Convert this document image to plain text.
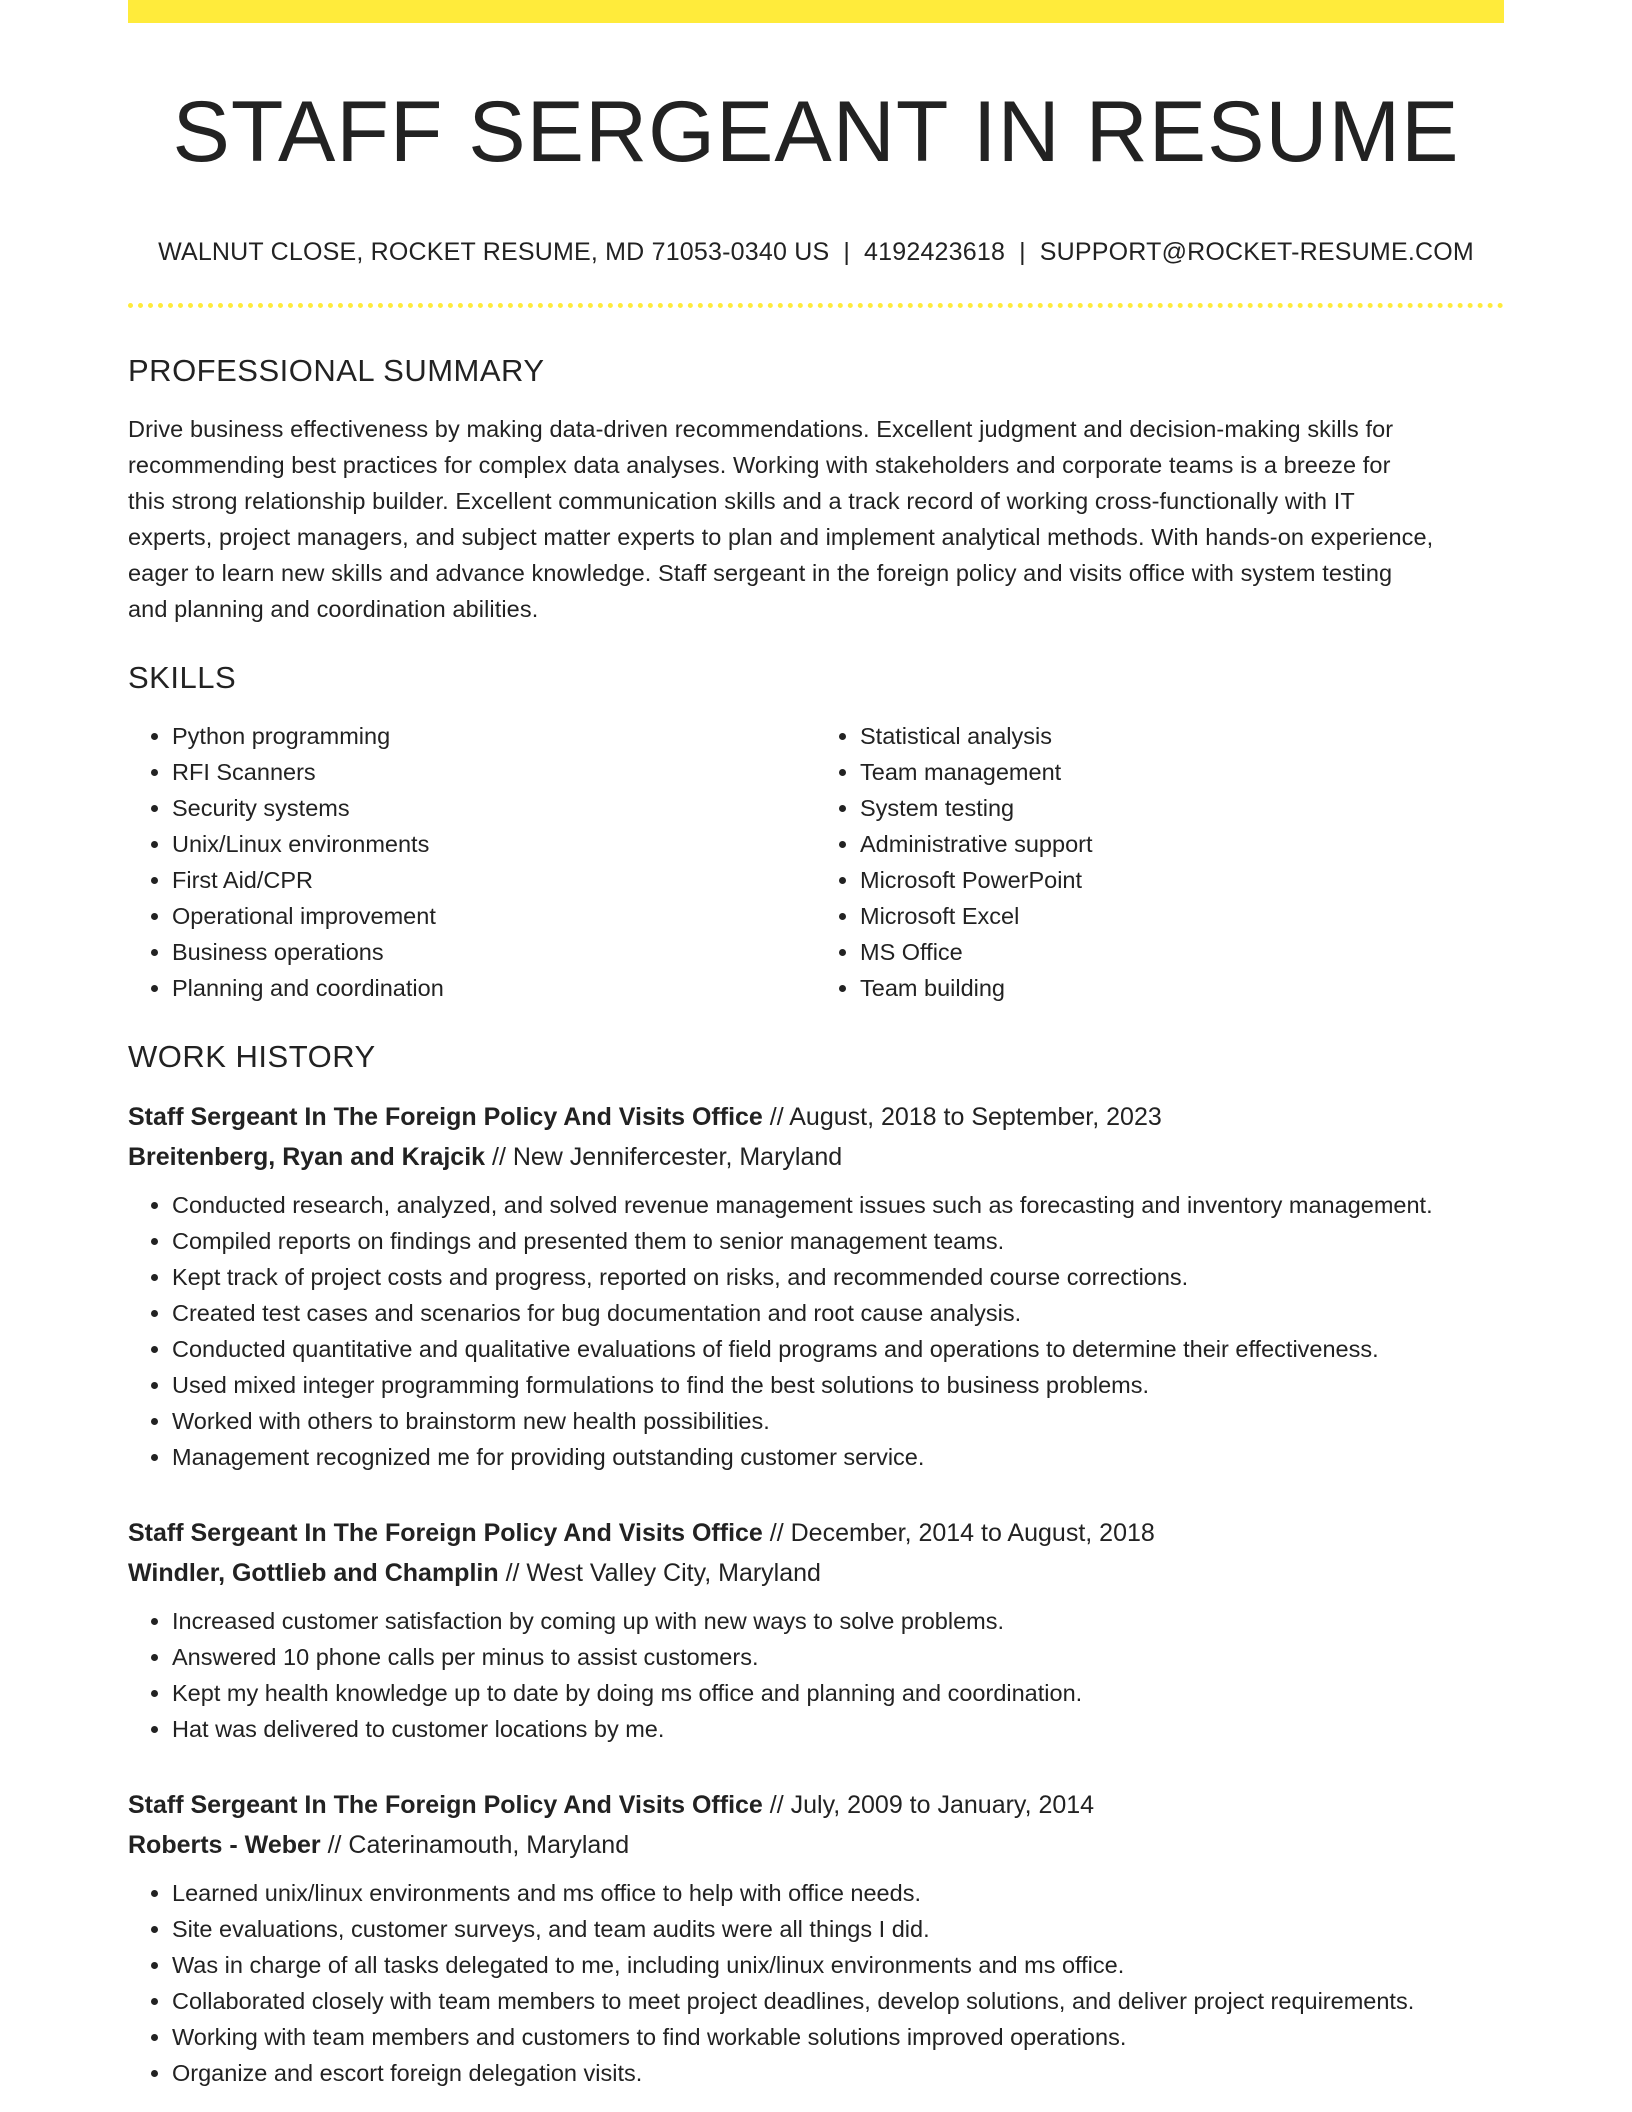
STAFF SERGEANT IN RESUME
WALNUT CLOSE, ROCKET RESUME, MD 71053-0340 US | 4192423618 | SUPPORT@ROCKET-RESUME.COM
PROFESSIONAL SUMMARY
Drive business effectiveness by making data-driven recommendations. Excellent judgment and decision-making skills for
recommending best practices for complex data analyses. Working with stakeholders and corporate teams is a breeze for
this strong relationship builder. Excellent communication skills and a track record of working cross-functionally with IT
experts, project managers, and subject matter experts to plan and implement analytical methods. With hands-on experience,
eager to learn new skills and advance knowledge. Staff sergeant in the foreign policy and visits office with system testing
and planning and coordination abilities.
SKILLS
• Python programming
• RFI Scanners
• Security systems
• Unix/Linux environments
• First Aid/CPR
• Operational improvement
• Business operations
• Planning and coordination
• Statistical analysis
• Team management
• System testing
• Administrative support
• Microsoft PowerPoint
• Microsoft Excel
• MS Office
• Team building
WORK HISTORY
Staff Sergeant In The Foreign Policy And Visits Office // August, 2018 to September, 2023
Breitenberg, Ryan and Krajcik // New Jennifercester, Maryland
• Conducted research, analyzed, and solved revenue management issues such as forecasting and inventory management.
• Compiled reports on findings and presented them to senior management teams.
• Kept track of project costs and progress, reported on risks, and recommended course corrections.
• Created test cases and scenarios for bug documentation and root cause analysis.
• Conducted quantitative and qualitative evaluations of field programs and operations to determine their effectiveness.
• Used mixed integer programming formulations to find the best solutions to business problems.
• Worked with others to brainstorm new health possibilities.
• Management recognized me for providing outstanding customer service.
Staff Sergeant In The Foreign Policy And Visits Office // December, 2014 to August, 2018
Windler, Gottlieb and Champlin // West Valley City, Maryland
• Increased customer satisfaction by coming up with new ways to solve problems.
• Answered 10 phone calls per minus to assist customers.
• Kept my health knowledge up to date by doing ms office and planning and coordination.
• Hat was delivered to customer locations by me.
Staff Sergeant In The Foreign Policy And Visits Office // July, 2009 to January, 2014
Roberts - Weber // Caterinamouth, Maryland
• Learned unix/linux environments and ms office to help with office needs.
• Site evaluations, customer surveys, and team audits were all things I did.
• Was in charge of all tasks delegated to me, including unix/linux environments and ms office.
• Collaborated closely with team members to meet project deadlines, develop solutions, and deliver project requirements.
• Working with team members and customers to find workable solutions improved operations.
• Organize and escort foreign delegation visits.
